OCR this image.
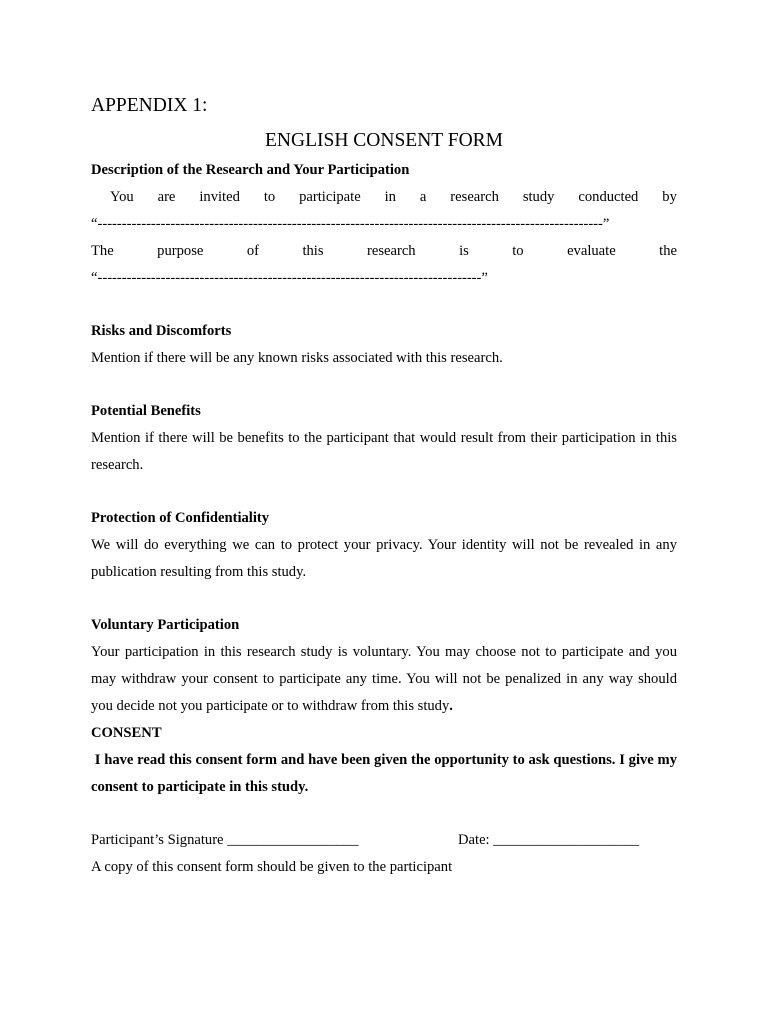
APPENDIX 1:
ENGLISH CONSENT FORM
Description of the Research and Your Participation
You are invited to participate in a research study conducted by
“--------------------------------------------------------------------------------------------------------”
The	purpose	of	this	research	is	to	evaluate	the
“-------------------------------------------------------------------------------”
Risks and Discomforts
Mention if there will be any known risks associated with this research.
Potential Benefits
Mention if there will be benefits to the participant that would result from their participation in this research.
Protection of Confidentiality
We will do everything we can to protect your privacy. Your identity will not be revealed in any publication resulting from this study.
Voluntary Participation
Your participation in this research study is voluntary. You may choose not to participate and you may withdraw your consent to participate any time. You will not be penalized in any way should you decide not you participate or to withdraw from this study.
CONSENT
I have read this consent form and have been given the opportunity to ask questions. I give my consent to participate in this study.
Participant’s Signature __________________	Date: ____________________
A copy of this consent form should be given to the participant
